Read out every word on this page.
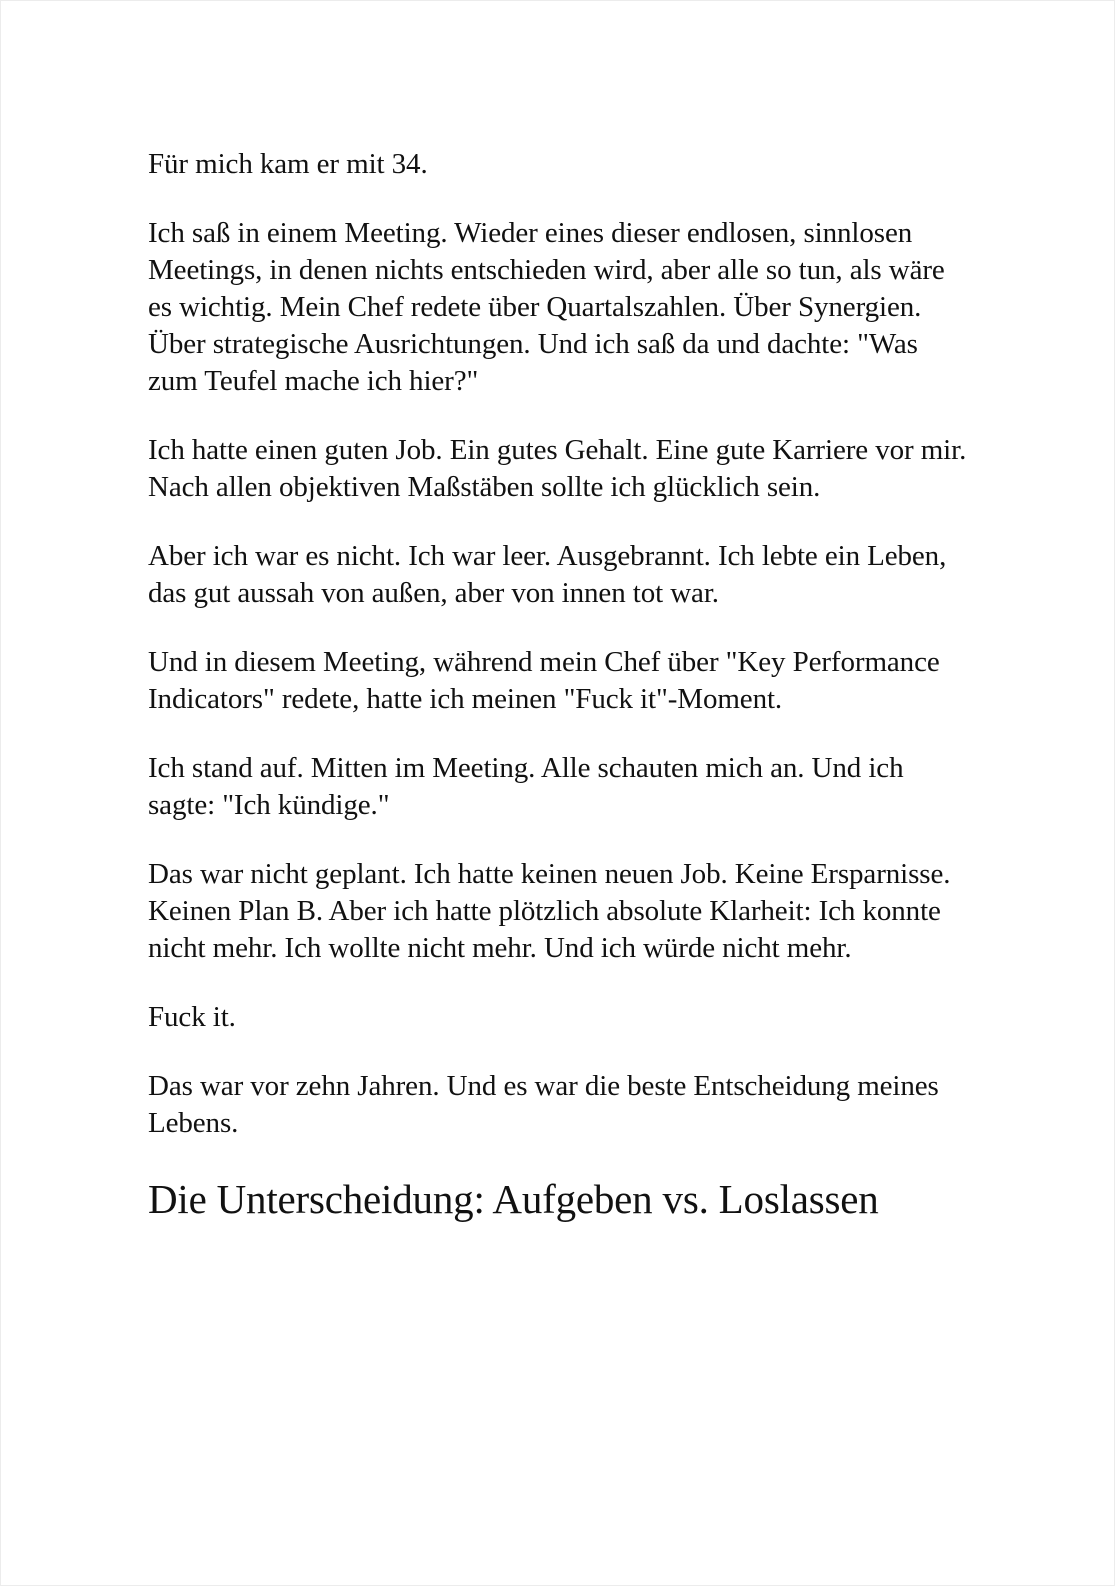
Für mich kam er mit 34.

Ich saß in einem Meeting. Wieder eines dieser endlosen, sinnlosen Meetings, in denen nichts entschieden wird, aber alle so tun, als wäre es wichtig. Mein Chef redete über Quartalszahlen. Über Synergien. Über strategische Ausrichtungen. Und ich saß da und dachte: "Was zum Teufel mache ich hier?"

Ich hatte einen guten Job. Ein gutes Gehalt. Eine gute Karriere vor mir. Nach allen objektiven Maßstäben sollte ich glücklich sein.

Aber ich war es nicht. Ich war leer. Ausgebrannt. Ich lebte ein Leben, das gut aussah von außen, aber von innen tot war.

Und in diesem Meeting, während mein Chef über "Key Performance Indicators" redete, hatte ich meinen "Fuck it"-Moment.

Ich stand auf. Mitten im Meeting. Alle schauten mich an. Und ich sagte: "Ich kündige."

Das war nicht geplant. Ich hatte keinen neuen Job. Keine Ersparnisse. Keinen Plan B. Aber ich hatte plötzlich absolute Klarheit: Ich konnte nicht mehr. Ich wollte nicht mehr. Und ich würde nicht mehr.

Fuck it.

Das war vor zehn Jahren. Und es war die beste Entscheidung meines Lebens.

Die Unterscheidung: Aufgeben vs. Loslassen
